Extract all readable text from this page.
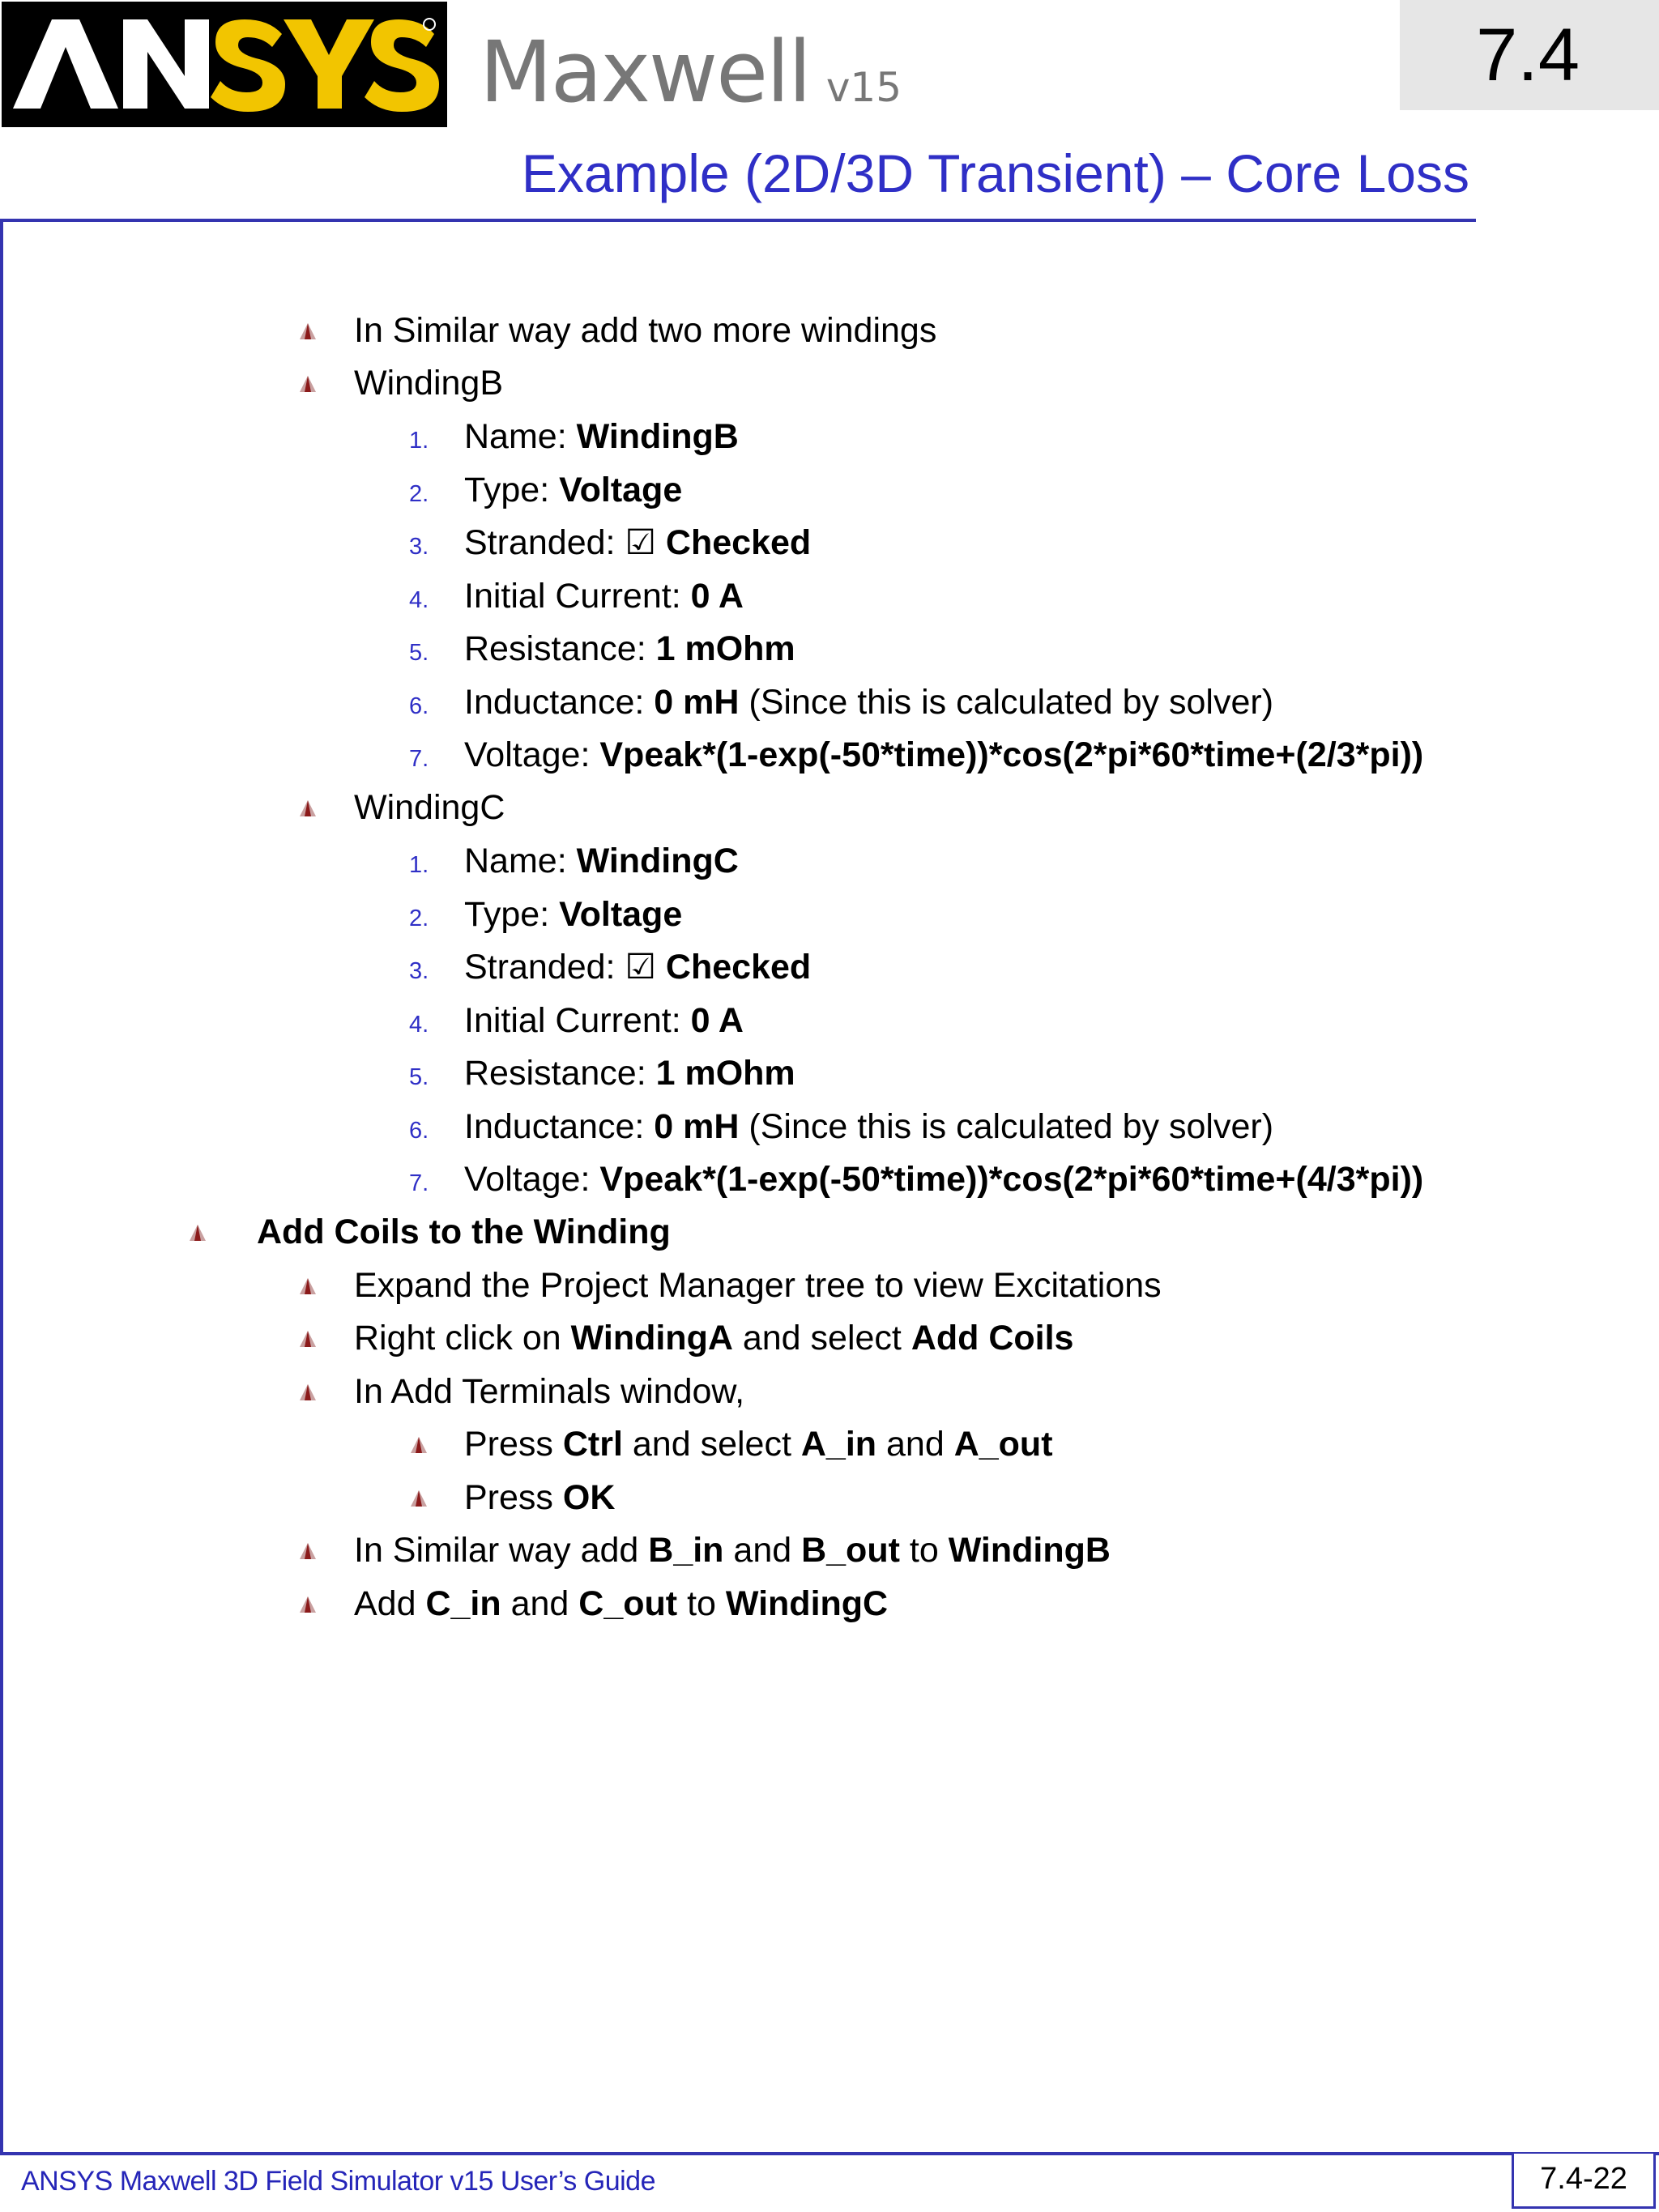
Maxwell v15	7.4
Example (2D/3D Transient) – Core Loss
In Similar way add two more windings
WindingB
1. Name: WindingB
2. Type: Voltage
3. Stranded: ☑ Checked
4. Initial Current: 0 A
5. Resistance: 1 mOhm
6. Inductance: 0 mH (Since this is calculated by solver)
7. Voltage: Vpeak*(1-exp(-50*time))*cos(2*pi*60*time+(2/3*pi))
WindingC
1. Name: WindingC
2. Type: Voltage
3. Stranded: ☑ Checked
4. Initial Current: 0 A
5. Resistance: 1 mOhm
6. Inductance: 0 mH (Since this is calculated by solver)
7. Voltage: Vpeak*(1-exp(-50*time))*cos(2*pi*60*time+(4/3*pi))
Add Coils to the Winding
Expand the Project Manager tree to view Excitations
Right click on WindingA and select Add Coils
In Add Terminals window,
Press Ctrl and select A_in and A_out
Press OK
In Similar way add B_in and B_out to WindingB
Add C_in and C_out to WindingC
ANSYS Maxwell 3D Field Simulator v15 User’s Guide	7.4-22
